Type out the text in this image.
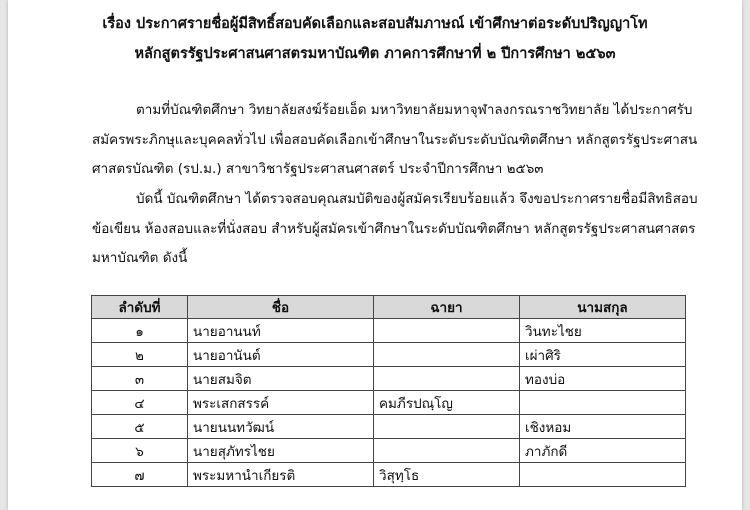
เรื่อง ประกาศรายชื่อผู้มีสิทธิ์สอบคัดเลือกและสอบสัมภาษณ์ เข้าศึกษาต่อระดับปริญญาโท
หลักสูตรรัฐประศาสนศาสตรมหาบัณฑิต ภาคการศึกษาที่ ๒ ปีการศึกษา ๒๕๖๓
ตามที่บัณฑิตศึกษา วิทยาลัยสงฆ์ร้อยเอ็ด มหาวิทยาลัยมหาจุฬาลงกรณราชวิทยาลัย ได้ประกาศรับ
สมัครพระภิกษุและบุคคลทั่วไป เพื่อสอบคัดเลือกเข้าศึกษาในระดับระดับบัณฑิตศึกษา หลักสูตรรัฐประศาสน
ศาสตรบัณฑิต (รป.ม.) สาขาวิชารัฐประศาสนศาสตร์ ประจำปีการศึกษา ๒๕๖๓
บัดนี้ บัณฑิตศึกษา ได้ตรวจสอบคุณสมบัติของผู้สมัครเรียบร้อยแล้ว จึงขอประกาศรายชื่อมีสิทธิสอบ
ข้อเขียน ห้องสอบและที่นั่งสอบ สำหรับผู้สมัครเข้าศึกษาในระดับบัณฑิตศึกษา หลักสูตรรัฐประศาสนศาสตร
มหาบัณฑิต ดังนี้
ลำดับที่	ชื่อ	ฉายา	นามสกุล
๑	นายอานนท์		วินทะไชย
๒	นายอานันต์		เผ่าศิริ
๓	นายสมจิต		ทองบ่อ
๔	พระเสกสรรค์	คมภีรปณฺโญ	
๕	นายนนทวัฒน์		เชิงหอม
๖	นายสุภัทรไชย		ภาภักดี
๗	พระมหานำเกียรติ	วิสุทฺโธ	
